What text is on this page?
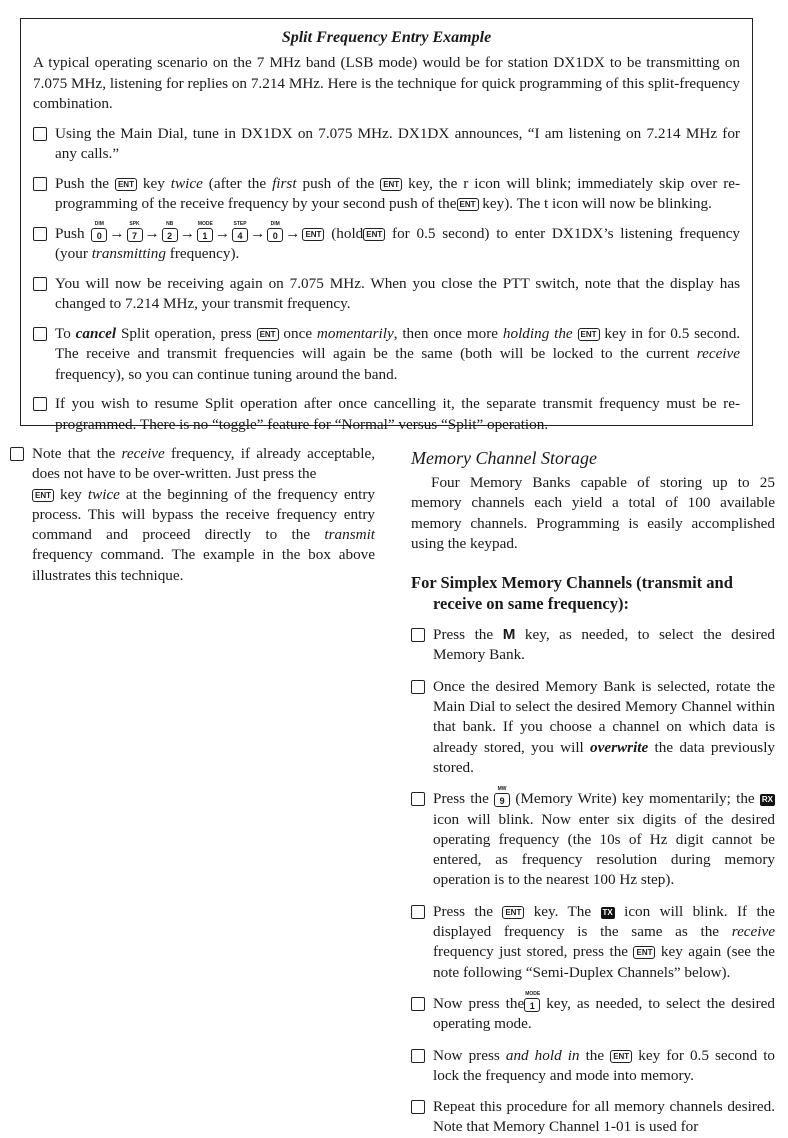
Split Frequency Entry Example

A typical operating scenario on the 7 MHz band (LSB mode) would be for station DX1DX to be transmitting on 7.075 MHz, listening for replies on 7.214 MHz. Here is the technique for quick programming of this split-frequency combination.

Using the Main Dial, tune in DX1DX on 7.075 MHz. DX1DX announces, “I am listening on 7.214 MHz for any calls.”
Push the ENT key twice (after the first push of the ENT key, the r icon will blink; immediately skip over re-programming of the receive frequency by your second push of the ENT key). The t icon will now be blinking.
Push
DIM
0 →
SPK
7 →
NB
2 →
MODE
1 →
STEP
4 →
DIM
0 → ENT (hold ENT for 0.5 second) to enter DX1DX’s listening frequency (your transmitting frequency).
You will now be receiving again on 7.075 MHz. When you close the PTT switch, note that the display has changed to 7.214 MHz, your transmit frequency.
To cancel Split operation, press ENT once momentarily, then once more holding the ENT key in for 0.5 second. The receive and transmit frequencies will again be the same (both will be locked to the current receive frequency), so you can continue tuning around the band.
If you wish to resume Split operation after once cancelling it, the separate transmit frequency must be re-programmed. There is no “toggle” feature for “Normal” versus “Split” operation.
Note that the receive frequency, if already acceptable, does not have to be over-written. Just press the
ENT key twice at the beginning of the frequency entry process. This will bypass the receive frequency entry command and proceed directly to the transmit frequency command. The example in the box above illustrates this technique.
Memory Channel Storage

Four Memory Banks capable of storing up to 25 memory channels each yield a total of 100 available memory channels. Programming is easily accomplished using the keypad.

For Simplex Memory Channels (transmit and receive on same frequency):
Press the M key, as needed, to select the desired Memory Bank.
Once the desired Memory Bank is selected, rotate the Main Dial to select the desired Memory Channel within that bank. If you choose a channel on which data is already stored, you will overwrite the data previously stored.
Press the
MW
9 (Memory Write) key momentarily; the RX icon will blink. Now enter six digits of the desired operating frequency (the 10s of Hz digit cannot be entered, as frequency resolution during memory operation is to the nearest 100 Hz step).
Press the ENT key. The TX icon will blink. If the displayed frequency is the same as the receive frequency just stored, press the ENT key again (see the note following “Semi-Duplex Channels” below).
Now press the
MODE
1 key, as needed, to select the desired operating mode.
Now press and hold in the ENT key for 0.5 second to lock the frequency and mode into memory.
Repeat this procedure for all memory channels desired. Note that Memory Channel 1-01 is used for
